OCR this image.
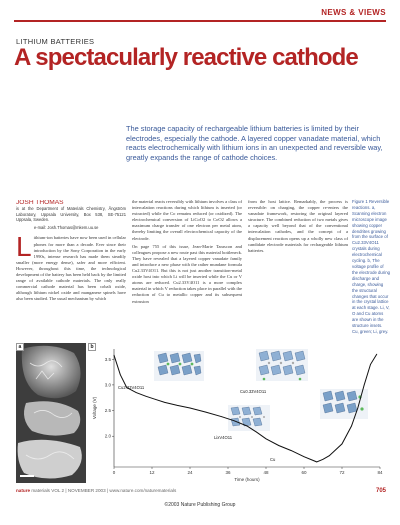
NEWS & VIEWS
LITHIUM BATTERIES
A spectacularly reactive cathode

The storage capacity of rechargeable lithium batteries is limited by their electrodes, especially the cathode. A layered copper vanadate material, which reacts electrochemically with lithium ions in an unexpected and reversible way, greatly expands the range of cathode choices.

JOSH THOMAS
is at the Department of Materials Chemistry, Ångström Laboratory, Uppsala University, Box 538, SE-75121 Uppsala, Sweden.
e-mail: Josh.Thomas@mkem.uu.se
L ithium-ion batteries have now been used in cellular phones for more than a decade. Ever since their introduction by the Sony Corporation in the early 1990s, intense research has made them steadily smaller (more energy dense), safer and more efficient. However, throughout this time, the technological development of the battery has been held back by the limited range of available cathode materials. The only really commercial cathode material has been cobalt oxide, although lithium nickel oxide and manganese spinels have also been studied. The usual mechanism by which

the material reacts reversibly with lithium involves a class of intercalation reactions during which lithium is inserted (or extracted) while the Co remains reduced (or oxidized). The electrochemical conversion of LiCoO2 to CoO2 allows a maximum charge transfer of one electron per metal atom, thereby limiting the overall electrochemical capacity of the electrode.

On page 755 of this issue, Jean-Marie Tarascon and colleagues propose a new route past this material bottleneck. They have revealed that a layered copper vanadate family and introduce a new phase with the rather mundane formula Cu2.33V4O11. But this is not just another transition-metal oxide host into which Li will be inserted while the Cu or V atoms are reduced. Cu2.33V4O11 is a more complex material in which V reduction takes place in parallel with the reduction of Cu to metallic copper and its subsequent extrusion

from the host lattice. Remarkably, the process is reversible: on charging, the copper re-enters the vanadate framework, restoring the original layered structure. The combined reduction of two metals gives a capacity well beyond that of the conventional intercalation cathodes, and the concept of a displacement reaction opens up a wholly new class of candidate electrode materials for rechargeable lithium batteries.

Figure 1 Reversible reactions. a, Scanning electron microscope image showing copper dendrites growing from the surface of Cu2.33V4O11 crystals during electrochemical cycling. b, The voltage profile of the electrode during discharge and charge, showing the structural changes that occur in the crystal lattice at each stage. Li, V, O and Cu atoms are shown in the structure insets. Cu, green; Li, grey.
a
0	12	24	36	48	60	72	84
2.0
2.5
3.0
3.5
Time (hours)
Voltage (V)
Cu2.33V4O11
Cu0.33V4O11
Cu
LixV4O11
b
nature materials VOL 2 | NOVEMBER 2003 | www.nature.com/naturematerials	705
©2003 Nature Publishing Group
